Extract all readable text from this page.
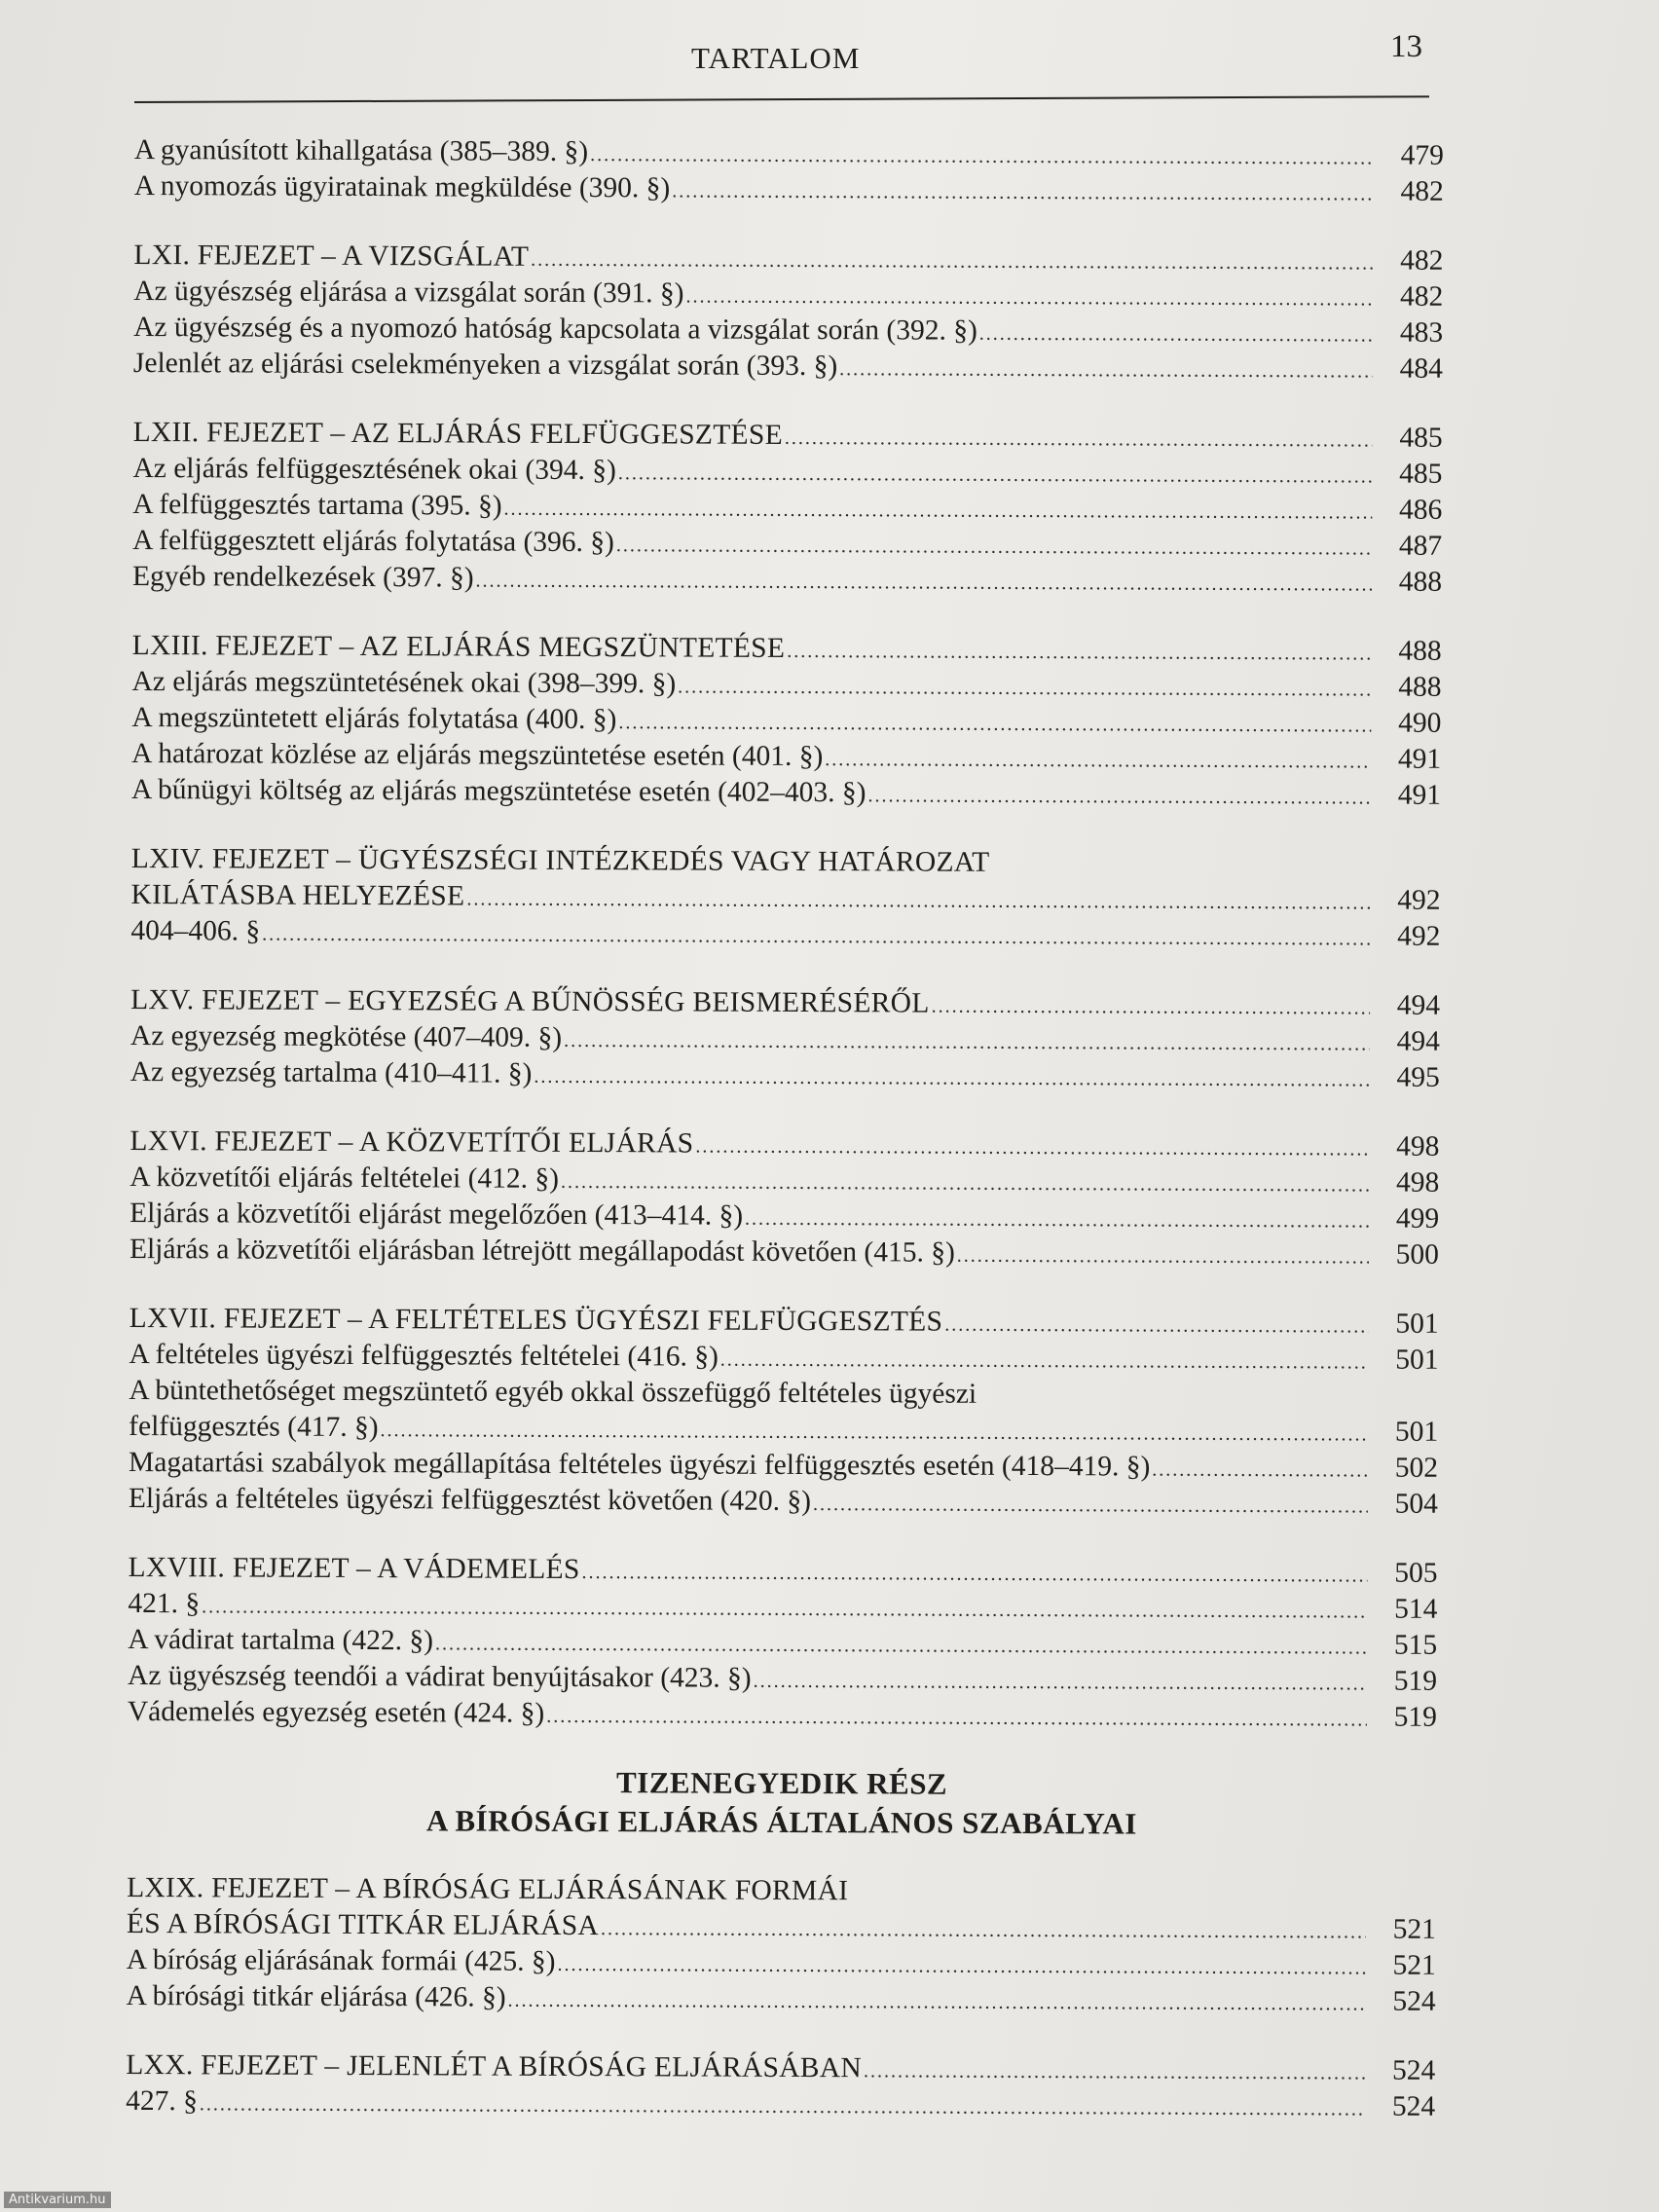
TARTALOM	13
A gyanúsított kihallgatása (385–389. §) .....	479
A nyomozás ügyiratainak megküldése (390. §) .....	482
LXI. FEJEZET – A VIZSGÁLAT .....	482
Az ügyészség eljárása a vizsgálat során (391. §) .....	482
Az ügyészség és a nyomozó hatóság kapcsolata a vizsgálat során (392. §) .....	483
Jelenlét az eljárási cselekményeken a vizsgálat során (393. §) .....	484
LXII. FEJEZET – AZ ELJÁRÁS FELFÜGGESZTÉSE .....	485
Az eljárás felfüggesztésének okai (394. §) .....	485
A felfüggesztés tartama (395. §) .....	486
A felfüggesztett eljárás folytatása (396. §) .....	487
Egyéb rendelkezések (397. §) .....	488
LXIII. FEJEZET – AZ ELJÁRÁS MEGSZÜNTETÉSE .....	488
Az eljárás megszüntetésének okai (398–399. §) .....	488
A megszüntetett eljárás folytatása (400. §) .....	490
A határozat közlése az eljárás megszüntetése esetén (401. §) .....	491
A bűnügyi költség az eljárás megszüntetése esetén (402–403. §) .....	491
LXIV. FEJEZET – ÜGYÉSZSÉGI INTÉZKEDÉS VAGY HATÁROZAT
KILÁTÁSBA HELYEZÉSE .....	492
404–406. § .....	492
LXV. FEJEZET – EGYEZSÉG A BŰNÖSSÉG BEISMERÉSÉRŐL .....	494
Az egyezség megkötése (407–409. §) .....	494
Az egyezség tartalma (410–411. §) .....	495
LXVI. FEJEZET – A KÖZVETÍTŐI ELJÁRÁS .....	498
A közvetítői eljárás feltételei (412. §) .....	498
Eljárás a közvetítői eljárást megelőzően (413–414. §) .....	499
Eljárás a közvetítői eljárásban létrejött megállapodást követően (415. §) .....	500
LXVII. FEJEZET – A FELTÉTELES ÜGYÉSZI FELFÜGGESZTÉS .....	501
A feltételes ügyészi felfüggesztés feltételei (416. §) .....	501
A büntethetőséget megszüntető egyéb okkal összefüggő feltételes ügyészi
felfüggesztés (417. §) .....	501
Magatartási szabályok megállapítása feltételes ügyészi felfüggesztés esetén (418–419. §) .....	502
Eljárás a feltételes ügyészi felfüggesztést követően (420. §) .....	504
LXVIII. FEJEZET – A VÁDEMELÉS .....	505
421. § .....	514
A vádirat tartalma (422. §) .....	515
Az ügyészség teendői a vádirat benyújtásakor (423. §) .....	519
Vádemelés egyezség esetén (424. §) .....	519
TIZENEGYEDIK RÉSZ
A BÍRÓSÁGI ELJÁRÁS ÁLTALÁNOS SZABÁLYAI
LXIX. FEJEZET – A BÍRÓSÁG ELJÁRÁSÁNAK FORMÁI
ÉS A BÍRÓSÁGI TITKÁR ELJÁRÁSA .....	521
A bíróság eljárásának formái (425. §) .....	521
A bírósági titkár eljárása (426. §) .....	524
LXX. FEJEZET – JELENLÉT A BÍRÓSÁG ELJÁRÁSÁBAN .....	524
427. § .....	524
Antikvarium.hu
